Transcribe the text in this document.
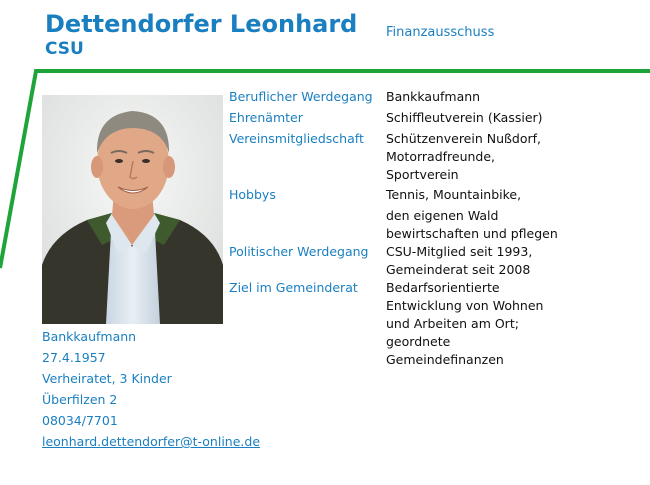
Dettendorfer Leonhard
CSU
Finanzausschuss
Beruflicher Werdegang Bankkaufmann
Ehrenämter	Schiffleutverein (Kassier)
Vereinsmitgliedschaft Schützenverein Nußdorf,
Motorradfreunde,
Sportverein
Hobbys	Tennis, Mountainbike,
den eigenen Wald
bewirtschaften und pflegen
Politischer Werdegang CSU-Mitglied seit 1993,
Gemeinderat seit 2008
Ziel im Gemeinderat Bedarfsorientierte
Entwicklung von Wohnen
und Arbeiten am Ort;
geordnete
Gemeindefinanzen
Bankkaufmann
27.4.1957
Verheiratet, 3 Kinder
Überfilzen 2
08034/7701
leonhard.dettendorfer@t-online.de
